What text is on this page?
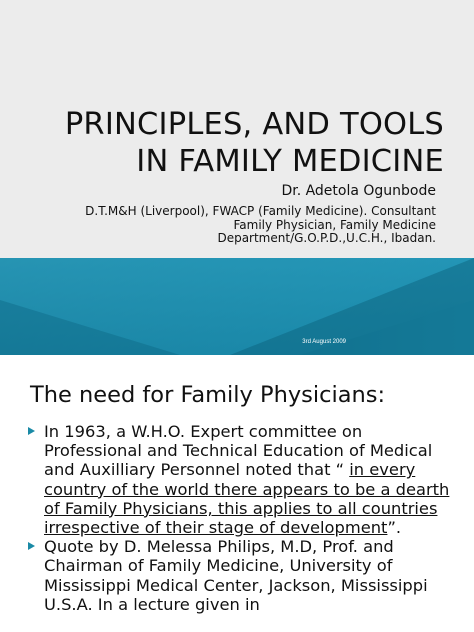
PRINCIPLES, AND TOOLS
IN FAMILY MEDICINE
Dr. Adetola Ogunbode
D.T.M&H (Liverpool), FWACP (Family Medicine). Consultant
Family Physician, Family Medicine
Department/G.O.P.D.,U.C.H., Ibadan.
3rd August 2009
The need for Family Physicians:
In 1963, a W.H.O. Expert committee on Professional and Technical Education of Medical and Auxilliary Personnel noted that “ in every country of the world there appears to be a dearth of Family Physicians, this applies to all countries irrespective of their stage of development”.
Quote by D. Melessa Philips, M.D, Prof. and Chairman of Family Medicine, University of Mississippi Medical Center, Jackson, Mississippi U.S.A. In a lecture given in
